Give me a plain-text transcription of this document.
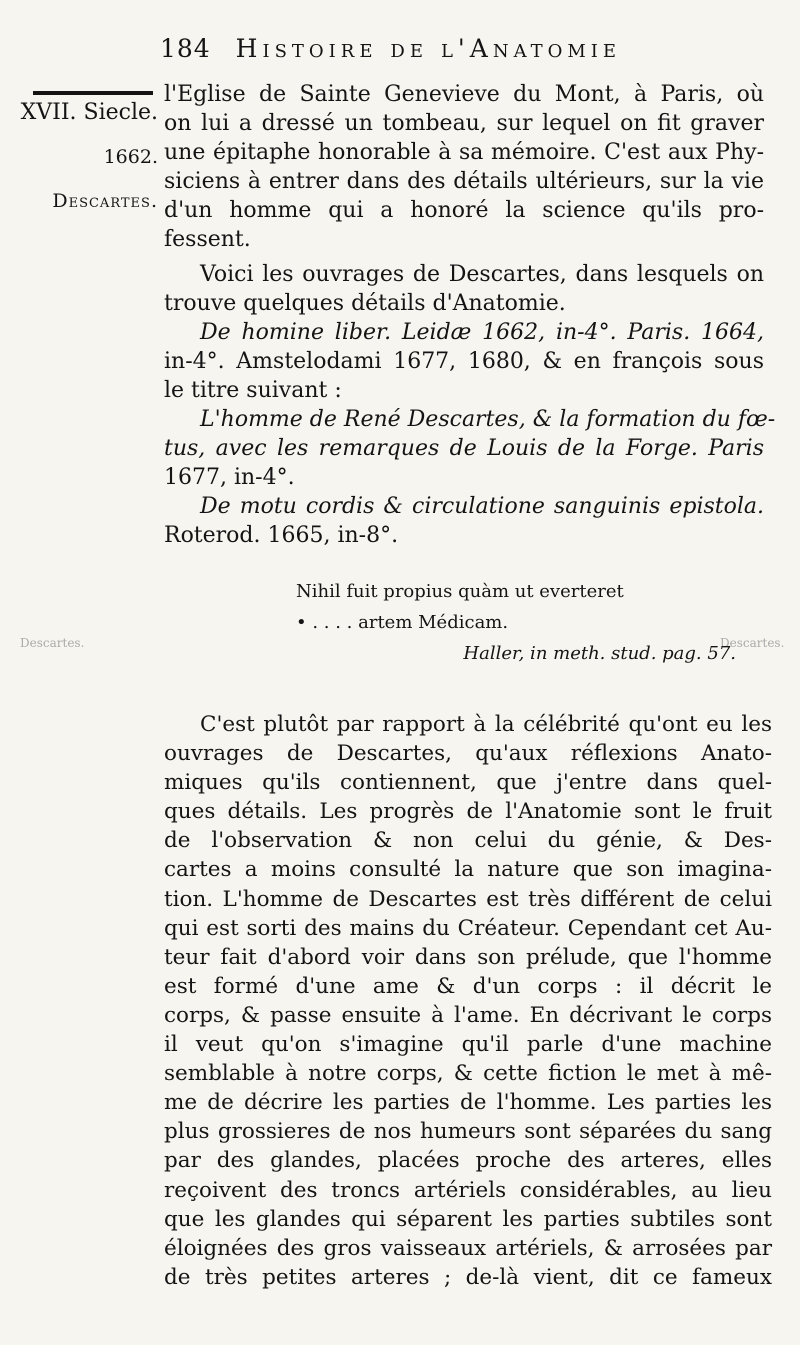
184 Histoire de l'Anatomie
XVII. Siecle.
1662.
Descartes.
Descartes.	Descartes.
l'Eglise de Sainte Genevieve du Mont, à Paris, où
on lui a dressé un tombeau, sur lequel on fit graver
une épitaphe honorable à sa mémoire. C'est aux Phy-
siciens à entrer dans des détails ultérieurs, sur la vie
d'un homme qui a honoré la science qu'ils pro-
fessent.
Voici les ouvrages de Descartes, dans lesquels on
trouve quelques détails d'Anatomie.
De homine liber. Leidæ 1662, in-4°. Paris. 1664,
in-4°. Amstelodami 1677, 1680, & en françois sous
le titre suivant :
L'homme de René Descartes, & la formation du fœ-
tus, avec les remarques de Louis de la Forge. Paris
1677, in-4°.
De motu cordis & circulatione sanguinis epistola.
Roterod. 1665, in-8°.
Nihil fuit propius quàm ut everteret
• . . . . artem Médicam.
Haller, in meth. stud. pag. 57.
C'est plutôt par rapport à la célébrité qu'ont eu les
ouvrages de Descartes, qu'aux réflexions Anato-
miques qu'ils contiennent, que j'entre dans quel-
ques détails. Les progrès de l'Anatomie sont le fruit
de l'observation & non celui du génie, & Des-
cartes a moins consulté la nature que son imagina-
tion. L'homme de Descartes est très différent de celui
qui est sorti des mains du Créateur. Cependant cet Au-
teur fait d'abord voir dans son prélude, que l'homme
est formé d'une ame & d'un corps : il décrit le
corps, & passe ensuite à l'ame. En décrivant le corps
il veut qu'on s'imagine qu'il parle d'une machine
semblable à notre corps, & cette fiction le met à mê-
me de décrire les parties de l'homme. Les parties les
plus grossieres de nos humeurs sont séparées du sang
par des glandes, placées proche des arteres, elles
reçoivent des troncs artériels considérables, au lieu
que les glandes qui séparent les parties subtiles sont
éloignées des gros vaisseaux artériels, & arrosées par
de très petites arteres ; de-là vient, dit ce fameux
